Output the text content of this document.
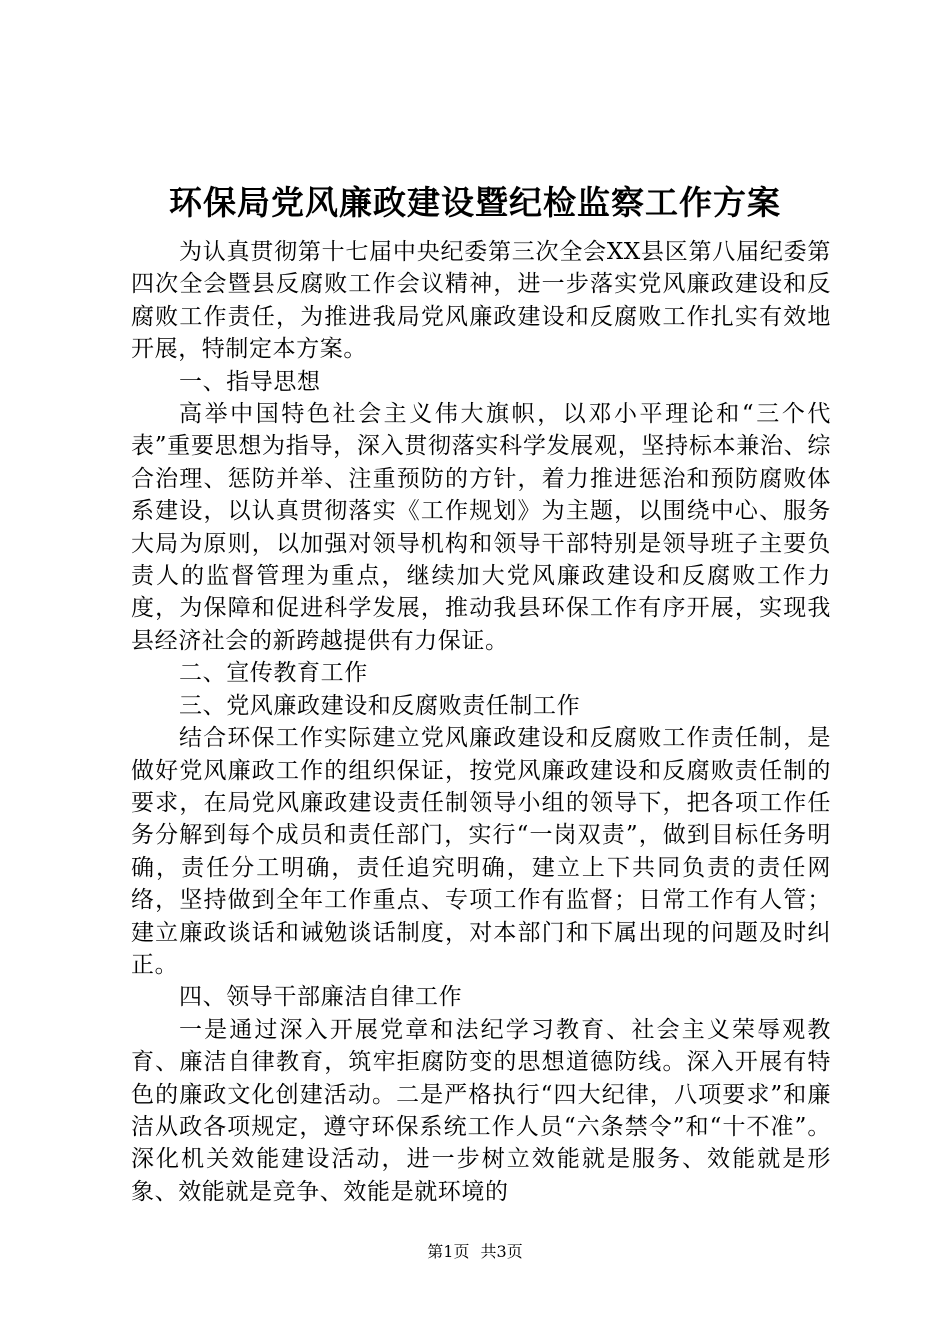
环保局党风廉政建设暨纪检监察工作方案

为认真贯彻第十七届中央纪委第三次全会XX县区第八届纪委第四次全会暨县反腐败工作会议精神，进一步落实党风廉政建设和反腐败工作责任，为推进我局党风廉政建设和反腐败工作扎实有效地开展，特制定本方案。

一、指导思想

高举中国特色社会主义伟大旗帜，以邓小平理论和“三个代表”重要思想为指导，深入贯彻落实科学发展观，坚持标本兼治、综合治理、惩防并举、注重预防的方针，着力推进惩治和预防腐败体系建设，以认真贯彻落实《工作规划》为主题，以围绕中心、服务大局为原则，以加强对领导机构和领导干部特别是领导班子主要负责人的监督管理为重点，继续加大党风廉政建设和反腐败工作力度，为保障和促进科学发展，推动我县环保工作有序开展，实现我县经济社会的新跨越提供有力保证。

二、宣传教育工作

三、党风廉政建设和反腐败责任制工作

结合环保工作实际建立党风廉政建设和反腐败工作责任制，是做好党风廉政工作的组织保证，按党风廉政建设和反腐败责任制的要求，在局党风廉政建设责任制领导小组的领导下，把各项工作任务分解到每个成员和责任部门，实行“一岗双责”，做到目标任务明确，责任分工明确，责任追究明确，建立上下共同负责的责任网络，坚持做到全年工作重点、专项工作有监督；日常工作有人管；建立廉政谈话和诫勉谈话制度，对本部门和下属出现的问题及时纠正。

四、领导干部廉洁自律工作

一是通过深入开展党章和法纪学习教育、社会主义荣辱观教育、廉洁自律教育，筑牢拒腐防变的思想道德防线。深入开展有特色的廉政文化创建活动。二是严格执行“四大纪律，八项要求”和廉洁从政各项规定，遵守环保系统工作人员“六条禁令”和“十不准”。深化机关效能建设活动，进一步树立效能就是服务、效能就是形象、效能就是竞争、效能是就环境的

第1页 共3页
